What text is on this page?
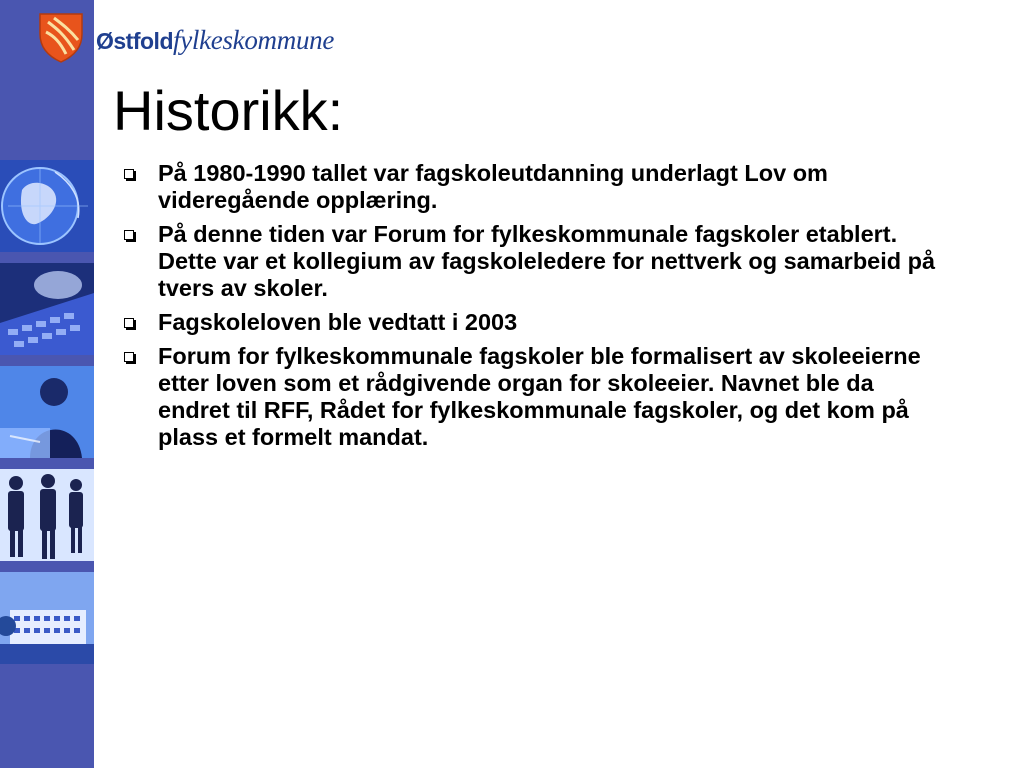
Østfoldfylkeskommune
Historikk:
På 1980-1990 tallet var fagskoleutdanning underlagt Lov om videregående opplæring.
På denne tiden var Forum for fylkeskommunale fagskoler etablert. Dette var et kollegium av fagskoleledere for nettverk og samarbeid på tvers av skoler.
Fagskoleloven ble vedtatt i 2003
Forum for fylkeskommunale fagskoler ble formalisert av skoleeierne etter loven som et rådgivende organ for skoleeier. Navnet ble da endret til RFF, Rådet for fylkeskommunale fagskoler, og det kom på plass et formelt mandat.
